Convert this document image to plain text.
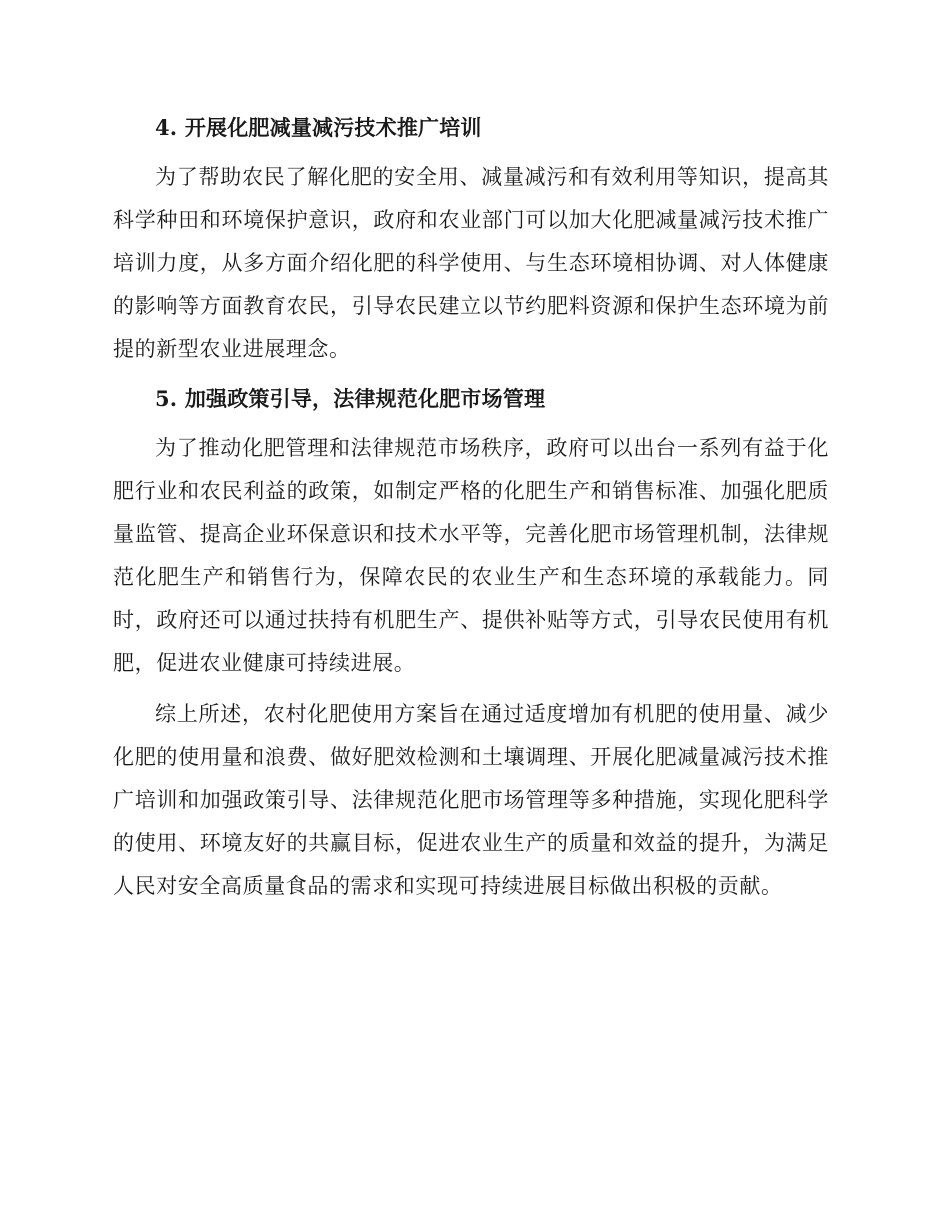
4. 开展化肥减量减污技术推广培训

为了帮助农民了解化肥的安全用、减量减污和有效利用等知识，提高其科学种田和环境保护意识，政府和农业部门可以加大化肥减量减污技术推广培训力度，从多方面介绍化肥的科学使用、与生态环境相协调、对人体健康的影响等方面教育农民，引导农民建立以节约肥料资源和保护生态环境为前提的新型农业进展理念。

5. 加强政策引导，法律规范化肥市场管理

为了推动化肥管理和法律规范市场秩序，政府可以出台一系列有益于化肥行业和农民利益的政策，如制定严格的化肥生产和销售标准、加强化肥质量监管、提高企业环保意识和技术水平等，完善化肥市场管理机制，法律规范化肥生产和销售行为，保障农民的农业生产和生态环境的承载能力。同时，政府还可以通过扶持有机肥生产、提供补贴等方式，引导农民使用有机肥，促进农业健康可持续进展。

综上所述，农村化肥使用方案旨在通过适度增加有机肥的使用量、减少化肥的使用量和浪费、做好肥效检测和土壤调理、开展化肥减量减污技术推广培训和加强政策引导、法律规范化肥市场管理等多种措施，实现化肥科学的使用、环境友好的共赢目标，促进农业生产的质量和效益的提升，为满足人民对安全高质量食品的需求和实现可持续进展目标做出积极的贡献。
